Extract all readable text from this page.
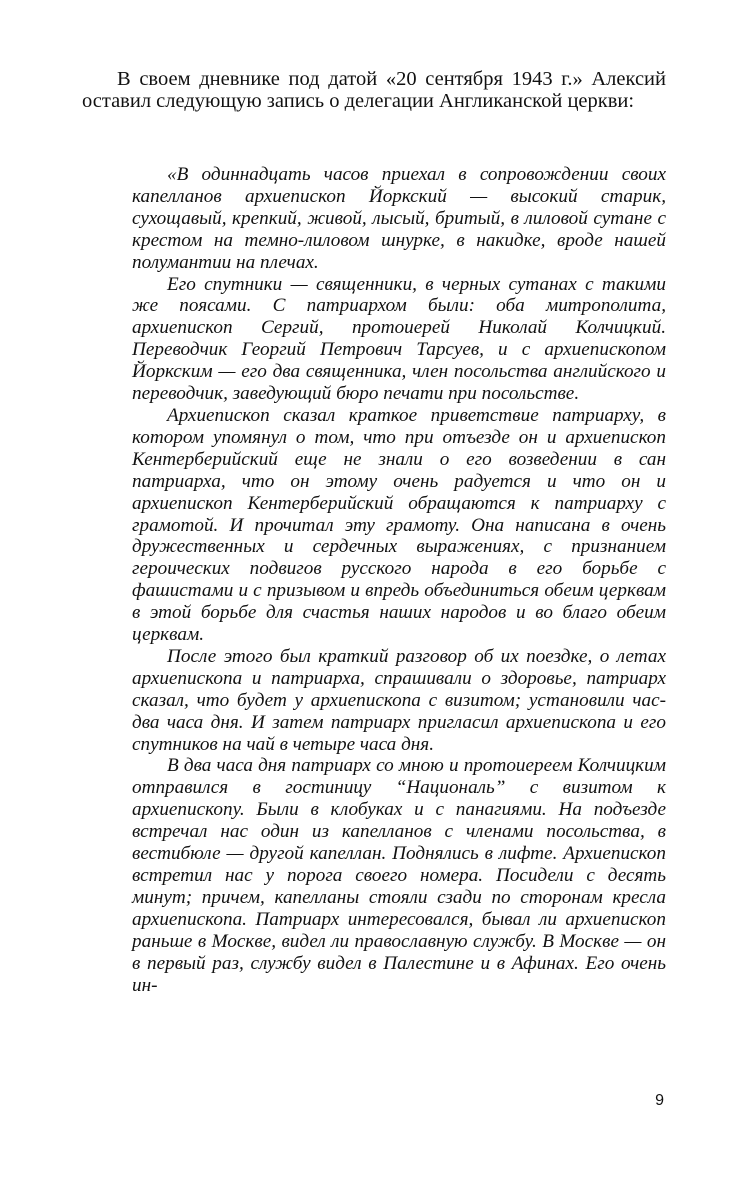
В своем дневнике под датой «20 сентября 1943 г.» Алексий оставил следующую запись о делегации Англиканской церкви:

«В одиннадцать часов приехал в сопровождении своих капелланов архиепископ Йоркский — высокий старик, сухощавый, крепкий, живой, лысый, бритый, в лиловой сутане с крестом на темно-лиловом шнурке, в накидке, вроде нашей полумантии на плечах.

Его спутники — священники, в черных сутанах с такими же поясами. С патриархом были: оба митрополита, архиепископ Сергий, протоиерей Николай Колчицкий. Переводчик Георгий Петрович Тарсуев, и с архиепископом Йоркским — его два священника, член посольства английского и переводчик, заведующий бюро печати при посольстве.

Архиепископ сказал краткое приветствие патриарху, в котором упомянул о том, что при отъезде он и архиепископ Кентерберийский еще не знали о его возведении в сан патриарха, что он этому очень радуется и что он и архиепископ Кентерберийский обращаются к патриарху с грамотой. И прочитал эту грамоту. Она написана в очень дружественных и сердечных выражениях, с признанием героических подвигов русского народа в его борьбе с фашистами и с призывом и впредь объединиться обеим церквам в этой борьбе для счастья наших народов и во благо обеим церквам.

После этого был краткий разговор об их поездке, о летах архиепископа и патриарха, спрашивали о здоровье, патриарх сказал, что будет у архиепископа с визитом; установили час-два часа дня. И затем патриарх пригласил архиепископа и его спутников на чай в четыре часа дня.

В два часа дня патриарх со мною и протоиереем Колчицким отправился в гостиницу “Националь” с визитом к архиепископу. Были в клобуках и с панагиями. На подъезде встречал нас один из капелланов с членами посольства, в вестибюле — другой капеллан. Поднялись в лифте. Архиепископ встретил нас у порога своего номера. Посидели с десять минут; причем, капелланы стояли сзади по сторонам кресла архиепископа. Патриарх интересовался, бывал ли архиепископ раньше в Москве, видел ли православную службу. В Москве — он в первый раз, службу видел в Палестине и в Афинах. Его очень ин-

9
